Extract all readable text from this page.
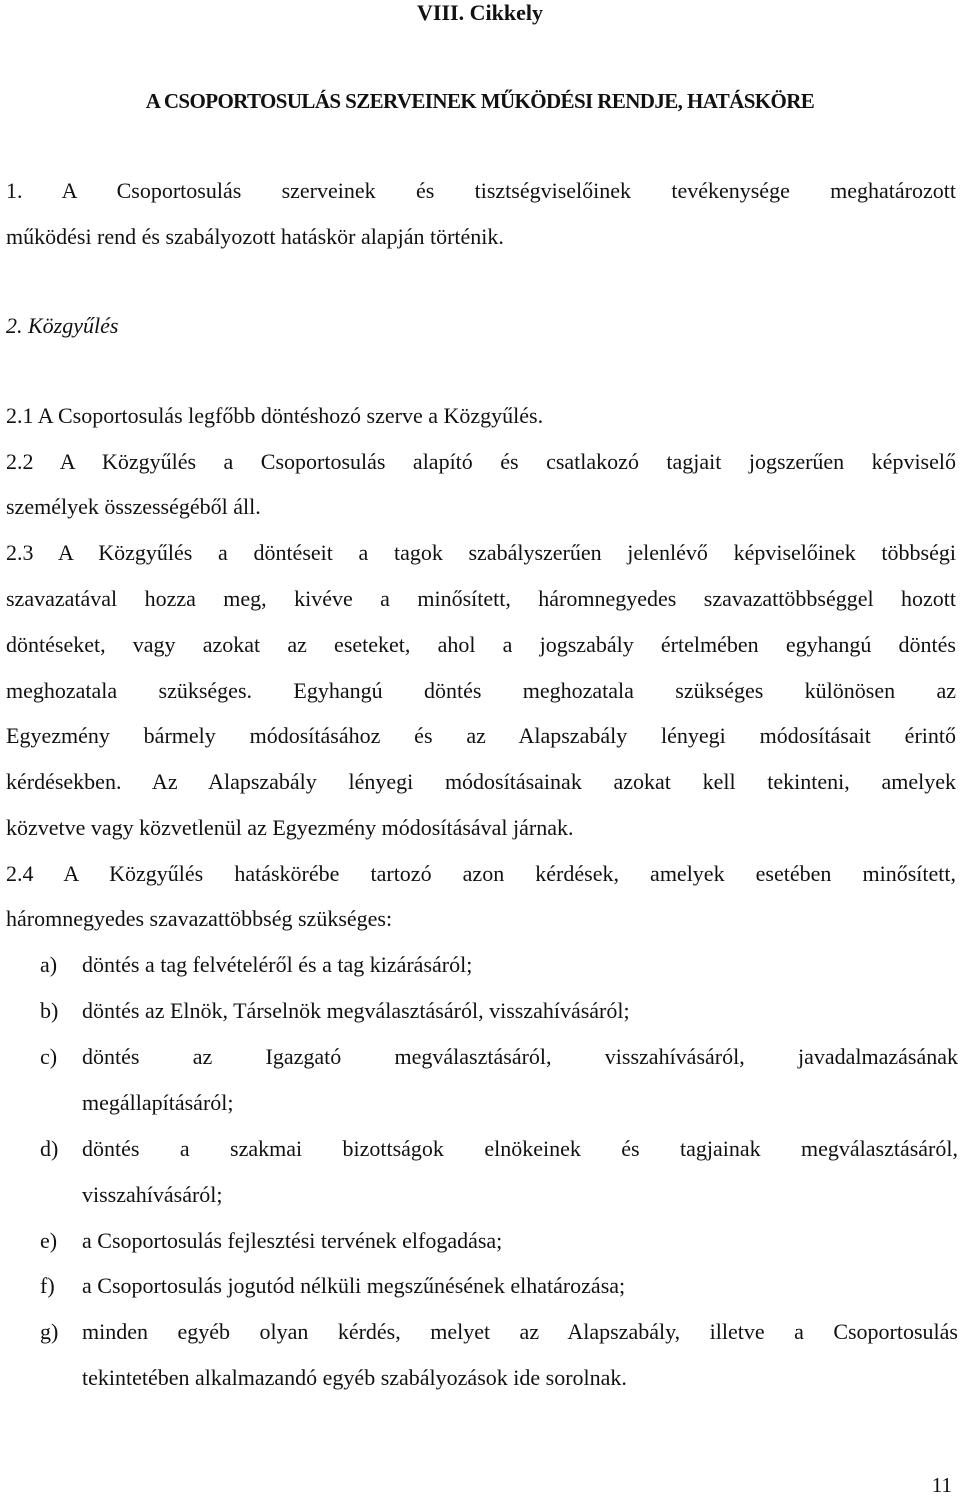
VIII. Cikkely
A CSOPORTOSULÁS SZERVEINEK MŰKÖDÉSI RENDJE, HATÁSKÖRE
1. A Csoportosulás szerveinek és tisztségviselőinek tevékenysége meghatározott
működési rend és szabályozott hatáskör alapján történik.
2. Közgyűlés
2.1 A Csoportosulás legfőbb döntéshozó szerve a Közgyűlés.
2.2 A Közgyűlés a Csoportosulás alapító és csatlakozó tagjait jogszerűen képviselő
személyek összességéből áll.
2.3 A Közgyűlés a döntéseit a tagok szabályszerűen jelenlévő képviselőinek többségi
szavazatával hozza meg, kivéve a minősített, háromnegyedes szavazattöbbséggel hozott
döntéseket, vagy azokat az eseteket, ahol a jogszabály értelmében egyhangú döntés
meghozatala szükséges. Egyhangú döntés meghozatala szükséges különösen az
Egyezmény bármely módosításához és az Alapszabály lényegi módosításait érintő
kérdésekben. Az Alapszabály lényegi módosításainak azokat kell tekinteni, amelyek
közvetve vagy közvetlenül az Egyezmény módosításával járnak.
2.4 A Közgyűlés hatáskörébe tartozó azon kérdések, amelyek esetében minősített,
háromnegyedes szavazattöbbség szükséges:
a) döntés a tag felvételéről és a tag kizárásáról;
b) döntés az Elnök, Társelnök megválasztásáról, visszahívásáról;
c) döntés az Igazgató megválasztásáról, visszahívásáról, javadalmazásának
megállapításáról;
d) döntés a szakmai bizottságok elnökeinek és tagjainak megválasztásáról,
visszahívásáról;
e) a Csoportosulás fejlesztési tervének elfogadása;
f) a Csoportosulás jogutód nélküli megszűnésének elhatározása;
g) minden egyéb olyan kérdés, melyet az Alapszabály, illetve a Csoportosulás
tekintetében alkalmazandó egyéb szabályozások ide sorolnak.
11
